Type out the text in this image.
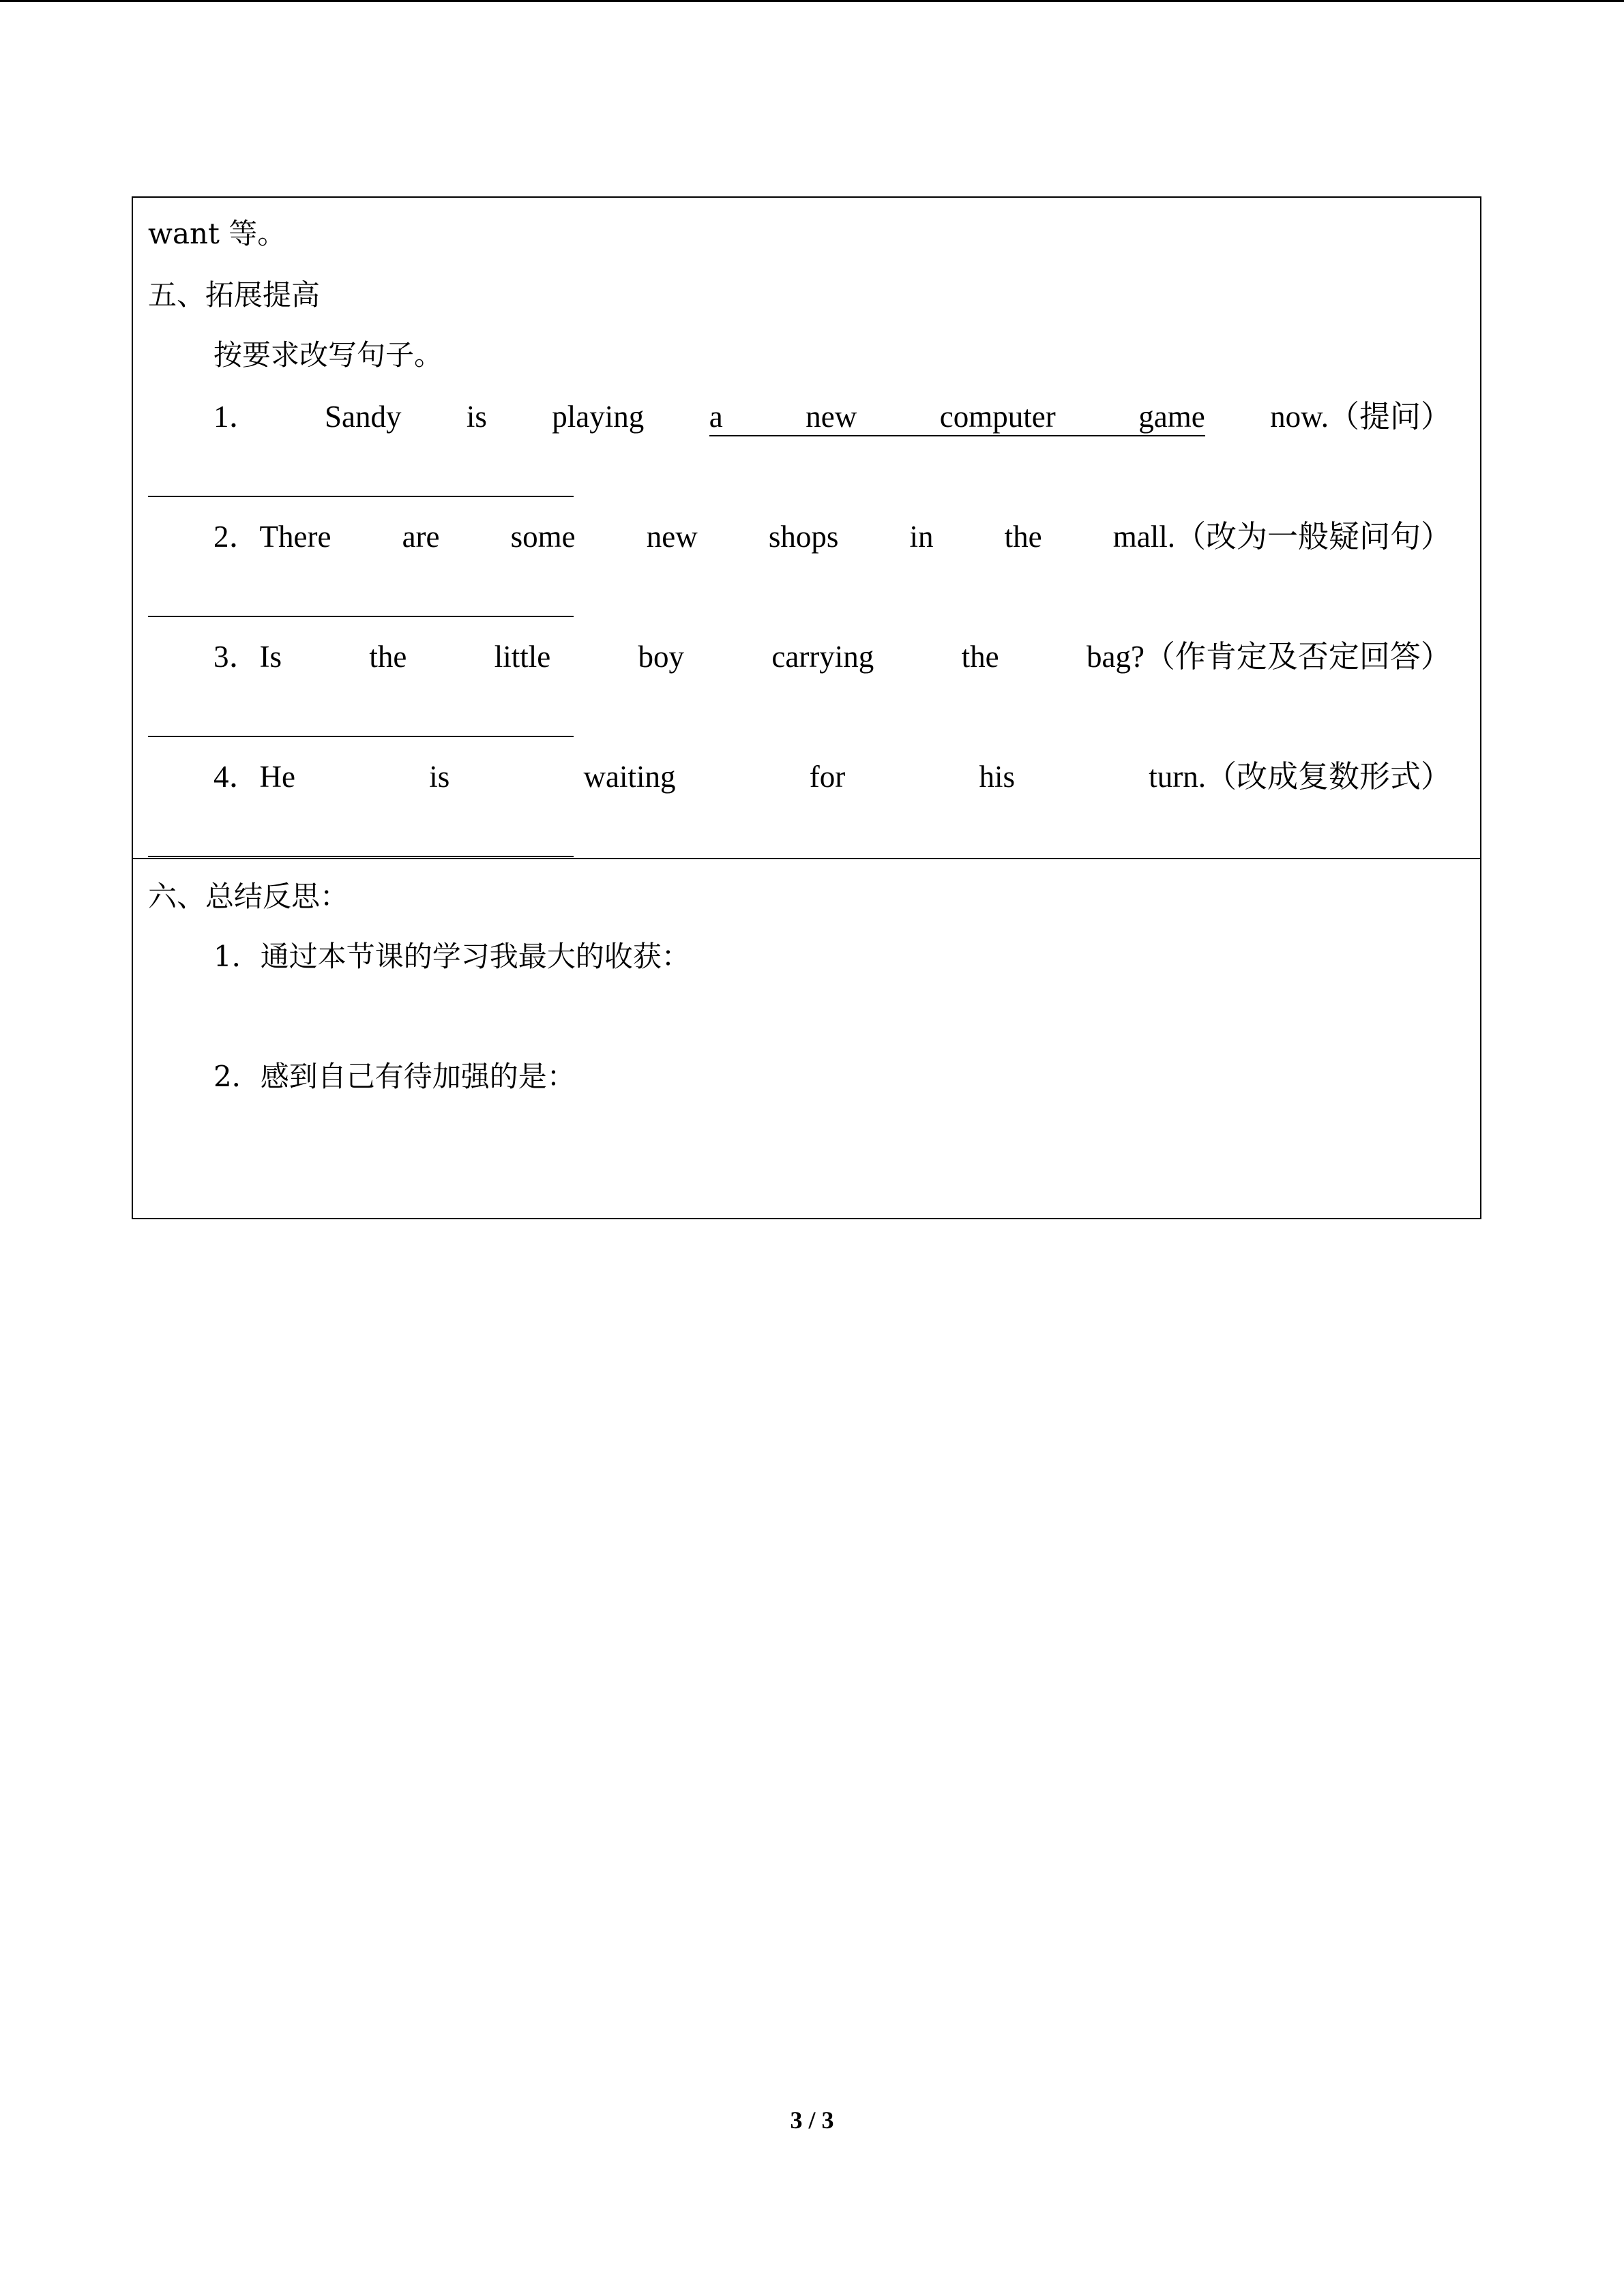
want 等。
五、拓展提高
按要求改写句子。
1． Sandy is playing a	new	computer	game now.（提问）
2．There are some new shops in the mall.（改为一般疑问句）
3．Is	the	little	boy	carrying	the	bag?（作肯定及否定回答）
4．He	is	waiting	for	his	turn.（改成复数形式）
六、总结反思：
1．通过本节课的学习我最大的收获：
2．感到自己有待加强的是：
3 / 3
